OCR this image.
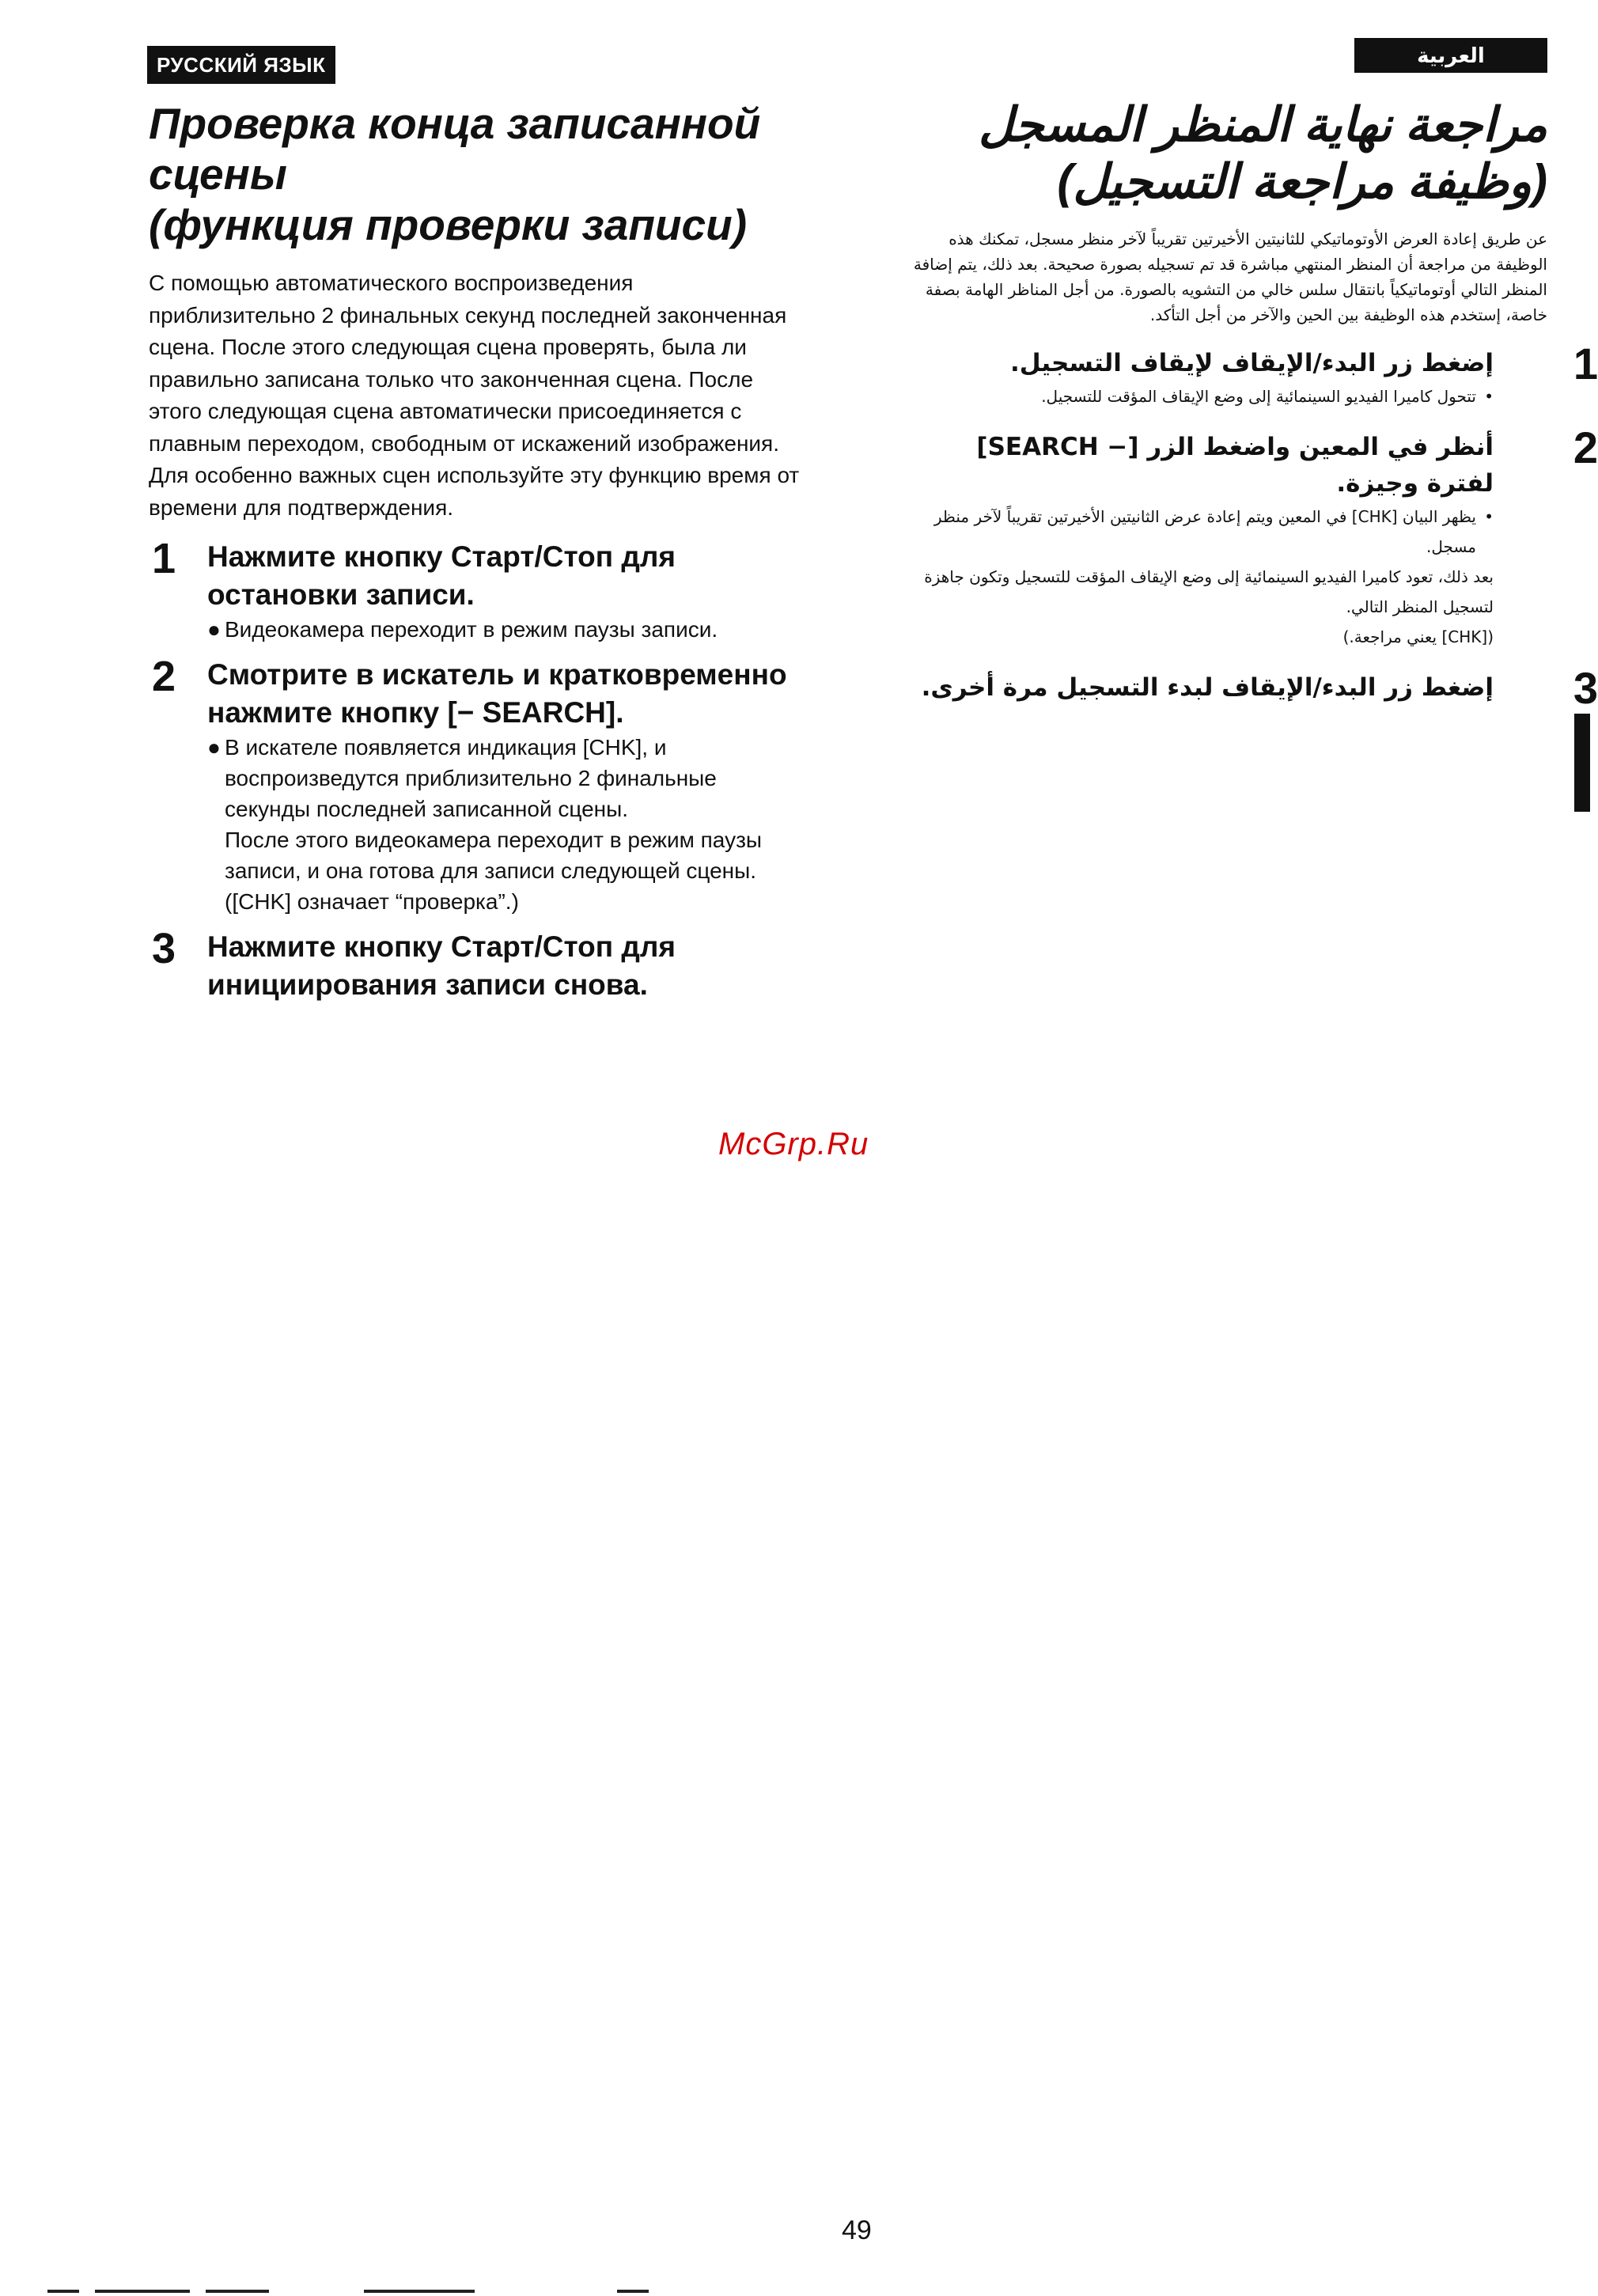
РУССКИЙ ЯЗЫК	العربية
Проверка конца записанной
сцены
(функция проверки записи)
С помощью автоматического воспроизведения приблизительно 2 финальных секунд последней законченная сцена. После этого следующая сцена проверять, была ли правильно записана только что законченная сцена. После этого следующая сцена автоматически присоединяется с плавным переходом, свободным от искажений изображения. Для особенно важных сцен используйте эту функцию время от времени для подтверждения.
1 Нажмите кнопку Старт/Стоп для остановки записи.
● Видеокамера переходит в режим паузы записи.
2 Смотрите в искатель и кратковременно нажмите кнопку [− SEARCH].
● В искателе появляется индикация [CHK], и воспроизведутся приблизительно 2 финальные секунды последней записанной сцены.
После этого видеокамера переходит в режим паузы записи, и она готова для записи следующей сцены.
([CHK] означает “проверка”.)
3 Нажмите кнопку Старт/Стоп для инициирования записи снова.
McGrp.Ru
مراجعة نهاية المنظر المسجل
(وظيفة مراجعة التسجيل)
عن طريق إعادة العرض الأوتوماتيكي للثانيتين الأخيرتين تقريباً لآخر منظر مسجل، تمكنك هذه الوظيفة من مراجعة أن المنظر المنتهي مباشرة قد تم تسجيله بصورة صحيحة. بعد ذلك، يتم إضافة المنظر التالي أوتوماتيكياً بانتقال سلس خالي من التشويه بالصورة. من أجل المناظر الهامة بصفة خاصة، إستخدم هذه الوظيفة بين الحين والآخر من أجل التأكد.
1
إضغط زر البدء/الإيقاف لإيقاف التسجيل.
•
تتحول كاميرا الفيديو السينمائية إلى وضع الإيقاف المؤقت للتسجيل.
2
أنظر في المعين واضغط الزر [− SEARCH] لفترة وجيزة.
•
يظهر البيان [CHK] في المعين ويتم إعادة عرض الثانيتين الأخيرتين تقريباً لآخر منظر مسجل.
بعد ذلك، تعود كاميرا الفيديو السينمائية إلى وضع الإيقاف المؤقت للتسجيل وتكون جاهزة لتسجيل المنظر التالي.
([CHK] يعني مراجعة.)
3
إضغط زر البدء/الإيقاف لبدء التسجيل مرة أخرى.
49
